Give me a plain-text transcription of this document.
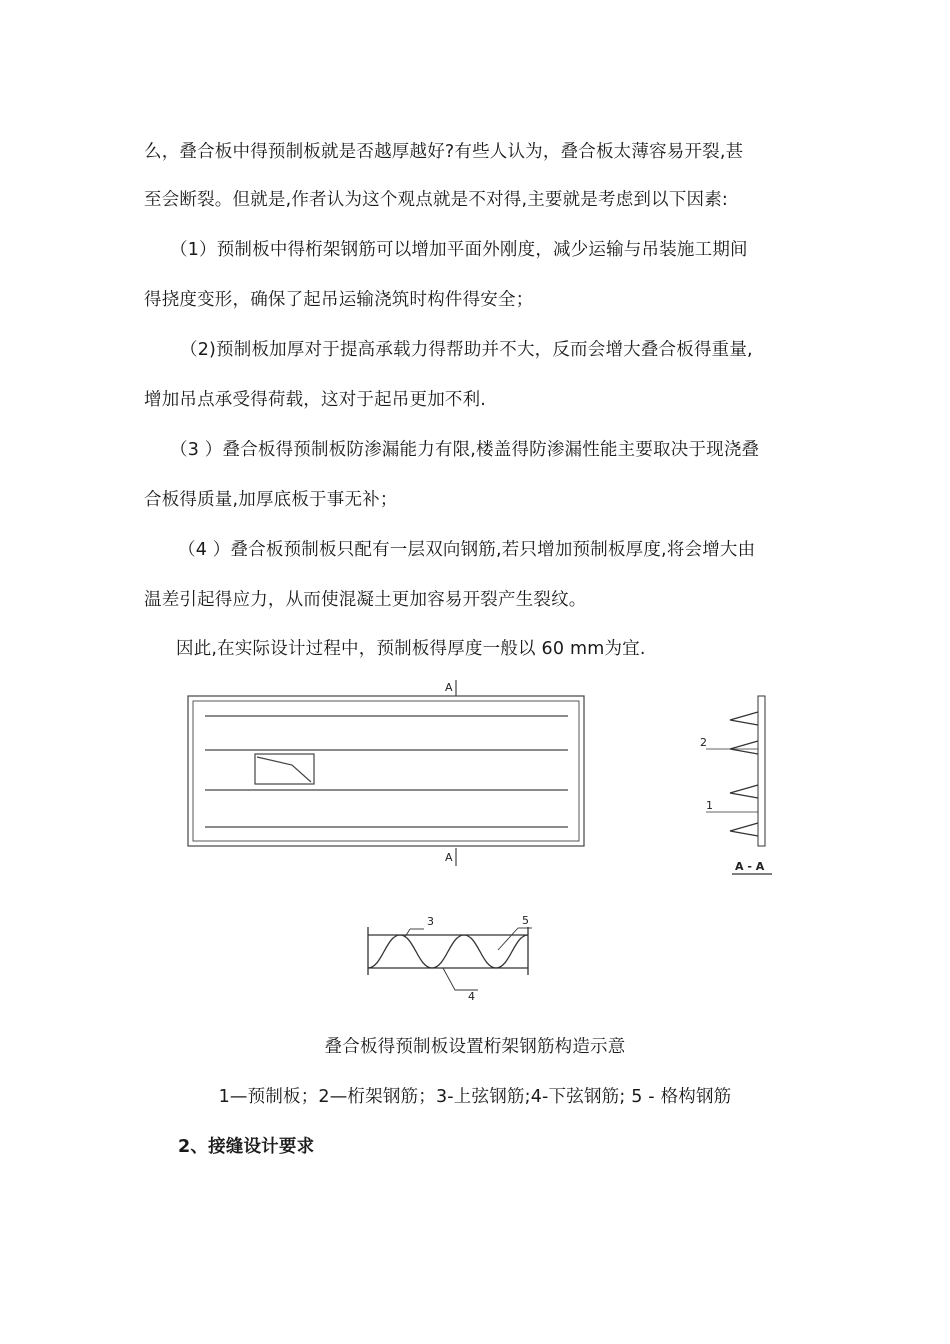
么，叠合板中得预制板就是否越厚越好?有些人认为，叠合板太薄容易开裂,甚
至会断裂。但就是,作者认为这个观点就是不对得,主要就是考虑到以下因素:
（1）预制板中得桁架钢筋可以增加平面外刚度，减少运输与吊装施工期间
得挠度变形，确保了起吊运输浇筑时构件得安全；
（2)预制板加厚对于提高承载力得帮助并不大，反而会增大叠合板得重量,
增加吊点承受得荷载，这对于起吊更加不利.
（3 ）叠合板得预制板防渗漏能力有限,楼盖得防渗漏性能主要取决于现浇叠
合板得质量,加厚底板于事无补；
（4 ）叠合板预制板只配有一层双向钢筋,若只增加预制板厚度,将会增大由
温差引起得应力，从而使混凝土更加容易开裂产生裂纹。
因此,在实际设计过程中，预制板得厚度一般以 60 mm为宜.
A
A
2
1
A - A
3	5
4
叠合板得预制板设置桁架钢筋构造示意
1—预制板；2—桁架钢筋；3-上弦钢筋;4-下弦钢筋; 5 - 格构钢筋
2、接缝设计要求
